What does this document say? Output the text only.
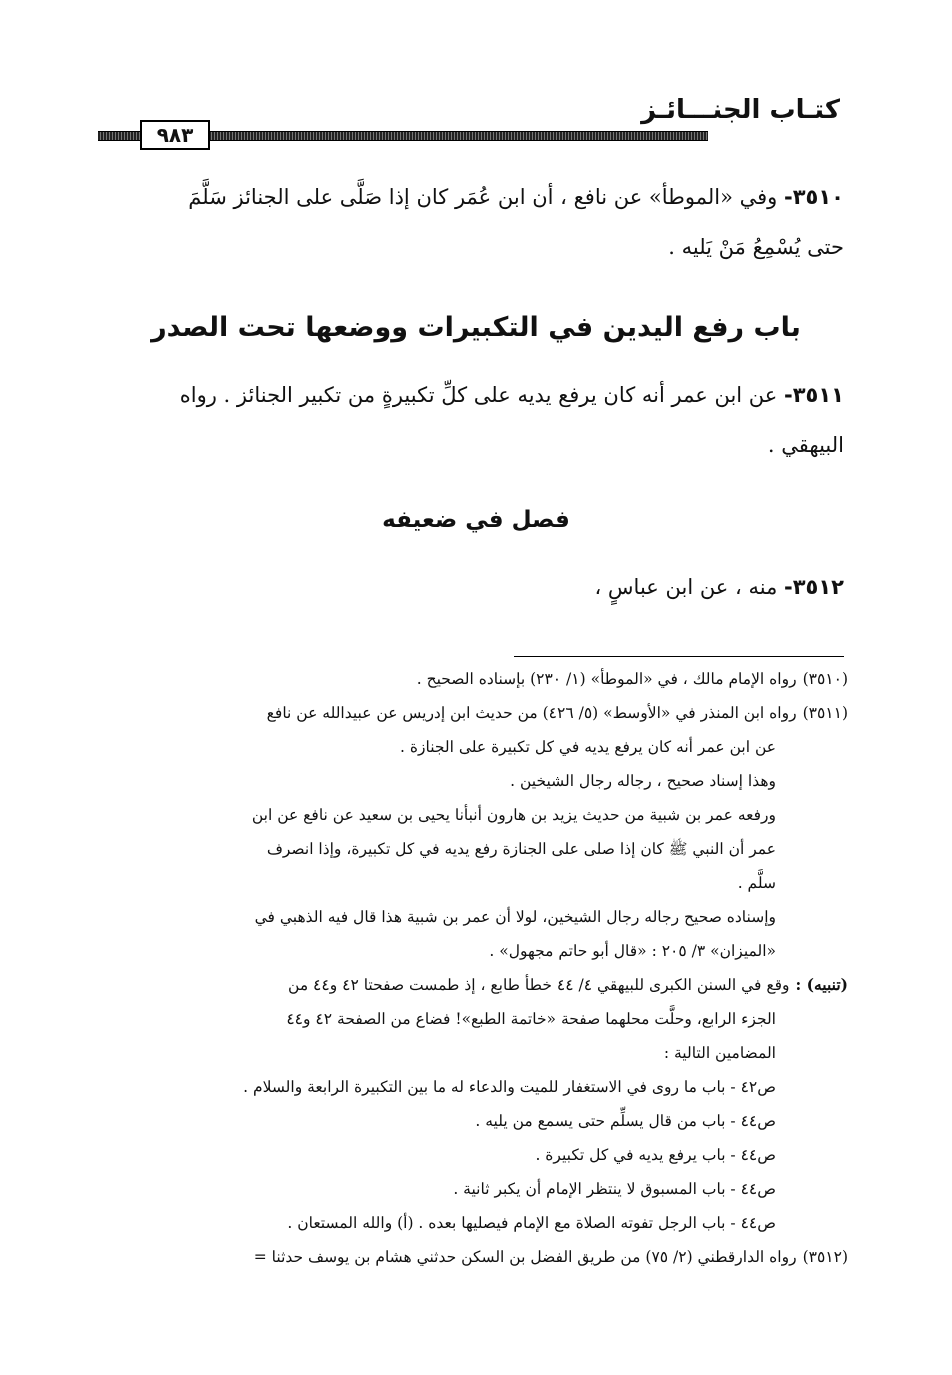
كتـاب الجنـــائـز
٩٨٣
٣٥١٠- وفي «الموطأ» عن نافع ، أن ابن عُمَر كان إذا صَلَّى على الجنائز سَلَّمَ
حتى يُسْمِعُ مَنْ يَليه .
باب رفع اليدين في التكبيرات ووضعها تحت الصدر
٣٥١١- عن ابن عمر أنه كان يرفع يديه على كلِّ تكبيرةٍ من تكبير الجنائز . رواه
البيهقي .
فصل في ضعيفه
٣٥١٢- منه ، عن ابن عباسٍ ،
(٣٥١٠)
رواه الإمام مالك ، في «الموطأ» (١/ ٢٣٠) بإسناده الصحيح .
(٣٥١١)
رواه ابن المنذر في «الأوسط» (٥/ ٤٢٦) من حديث ابن إدريس عن عبيدالله عن نافع
عن ابن عمر أنه كان يرفع يديه في كل تكبيرة على الجنازة .
وهذا إسناد صحيح ، رجاله رجال الشيخين .
ورفعه عمر بن شبية من حديث يزيد بن هارون أنبأنا يحيى بن سعيد عن نافع عن ابن
عمر أن النبي ﷺ كان إذا صلى على الجنازة رفع يديه في كل تكبيرة، وإذا انصرف
سلَّم .
وإسناده صحيح رجاله رجال الشيخين، لولا أن عمر بن شبية هذا قال فيه الذهبي في
«الميزان» ٣/ ٢٠٥ : «قال أبو حاتم مجهول» .
(تنبيه) :
وقع في السنن الكبرى للبيهقي ٤/ ٤٤ خطأ طابع ، إذ طمست صفحتا ٤٢ و٤٤ من
الجزء الرابع، وحلَّت محلهما صفحة «خاتمة الطبع»! فضاع من الصفحة ٤٢ و٤٤
المضامين التالية :
ص٤٢ - باب ما روى في الاستغفار للميت والدعاء له ما بين التكبيرة الرابعة والسلام .
ص٤٤ - باب من قال يسلِّم حتى يسمع من يليه .
ص٤٤ - باب يرفع يديه في كل تكبيرة .
ص٤٤ - باب المسبوق لا ينتظر الإمام أن يكبر ثانية .
ص٤٤ - باب الرجل تفوته الصلاة مع الإمام فيصليها بعده . (أ) والله المستعان .
(٣٥١٢)
رواه الدارقطني (٢/ ٧٥) من طريق الفضل بن السكن حدثني هشام بن يوسف حدثنا =
